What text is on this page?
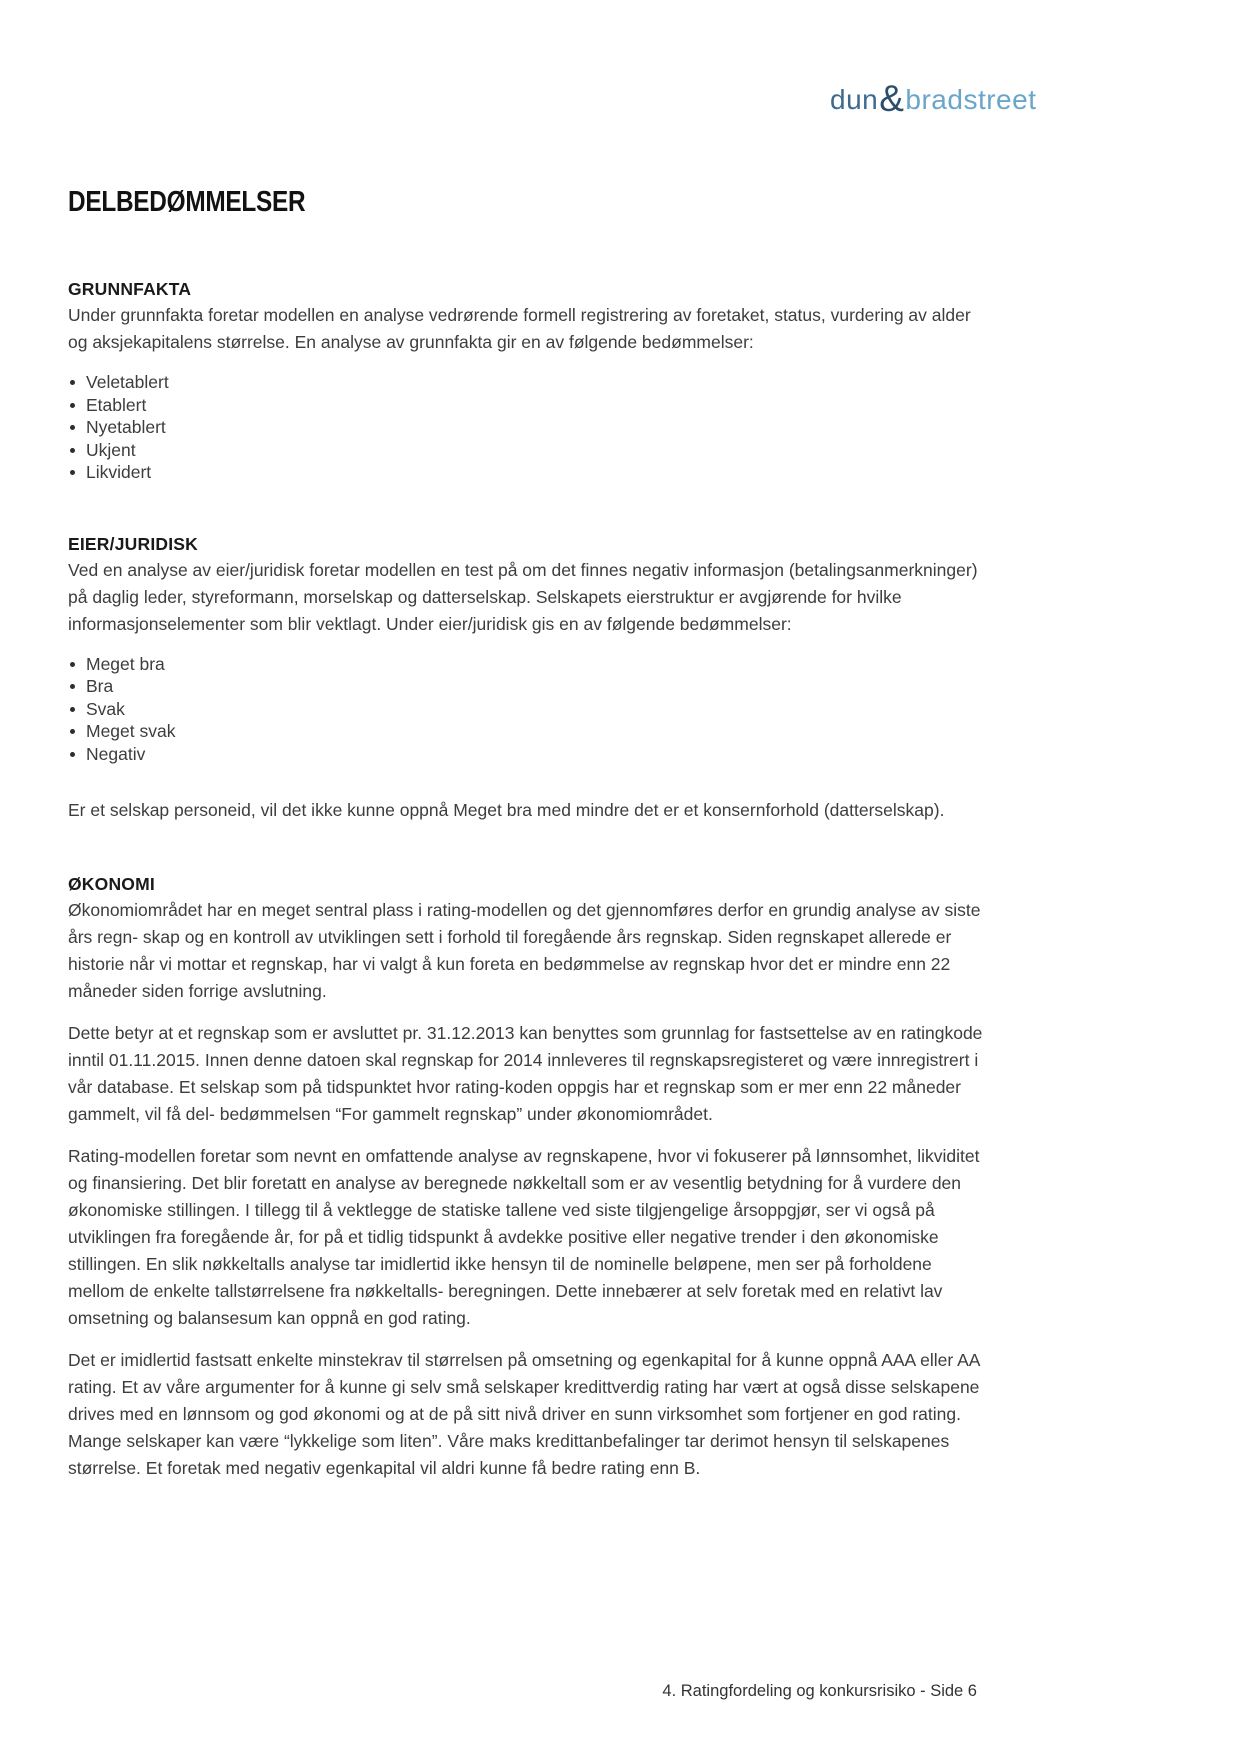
dun & bradstreet
DELBEDØMMELSER
GRUNNFAKTA

Under grunnfakta foretar modellen en analyse vedrørende formell registrering av foretaket, status, vurdering av alder og aksjekapitalens størrelse. En analyse av grunnfakta gir en av følgende bedømmelser:

Veletablert
Etablert
Nyetablert
Ukjent
Likvidert
EIER/JURIDISK

Ved en analyse av eier/juridisk foretar modellen en test på om det finnes negativ informasjon (betalingsanmerkninger) på daglig leder, styreformann, morselskap og datterselskap. Selskapets eierstruktur er avgjørende for hvilke informasjonselementer som blir vektlagt. Under eier/juridisk gis en av følgende bedømmelser:

Meget bra
Bra
Svak
Meget svak
Negativ

Er et selskap personeid, vil det ikke kunne oppnå Meget bra med mindre det er et konsernforhold (datterselskap).

ØKONOMI

Økonomiområdet har en meget sentral plass i rating-modellen og det gjennomføres derfor en grundig analyse av siste års regn- skap og en kontroll av utviklingen sett i forhold til foregående års regnskap. Siden regnskapet allerede er historie når vi mottar et regnskap, har vi valgt å kun foreta en bedømmelse av regnskap hvor det er mindre enn 22 måneder siden forrige avslutning.

Dette betyr at et regnskap som er avsluttet pr. 31.12.2013 kan benyttes som grunnlag for fastsettelse av en ratingkode inntil 01.11.2015. Innen denne datoen skal regnskap for 2014 innleveres til regnskapsregisteret og være innregistrert i vår database. Et selskap som på tidspunktet hvor rating-koden oppgis har et regnskap som er mer enn 22 måneder gammelt, vil få del- bedømmelsen “For gammelt regnskap” under økonomiområdet.

Rating-modellen foretar som nevnt en omfattende analyse av regnskapene, hvor vi fokuserer på lønnsomhet, likviditet og finansiering. Det blir foretatt en analyse av beregnede nøkkeltall som er av vesentlig betydning for å vurdere den økonomiske stillingen. I tillegg til å vektlegge de statiske tallene ved siste tilgjengelige årsoppgjør, ser vi også på utviklingen fra foregående år, for på et tidlig tidspunkt å avdekke positive eller negative trender i den økonomiske stillingen. En slik nøkkeltalls analyse tar imidlertid ikke hensyn til de nominelle beløpene, men ser på forholdene mellom de enkelte tallstørrelsene fra nøkkeltalls- beregningen. Dette innebærer at selv foretak med en relativt lav omsetning og balansesum kan oppnå en god rating.

Det er imidlertid fastsatt enkelte minstekrav til størrelsen på omsetning og egenkapital for å kunne oppnå AAA eller AA rating. Et av våre argumenter for å kunne gi selv små selskaper kredittverdig rating har vært at også disse selskapene drives med en lønnsom og god økonomi og at de på sitt nivå driver en sunn virksomhet som fortjener en god rating. Mange selskaper kan være “lykkelige som liten”. Våre maks kredittanbefalinger tar derimot hensyn til selskapenes størrelse. Et foretak med negativ egenkapital vil aldri kunne få bedre rating enn B.

4. Ratingfordeling og konkursrisiko - Side 6
